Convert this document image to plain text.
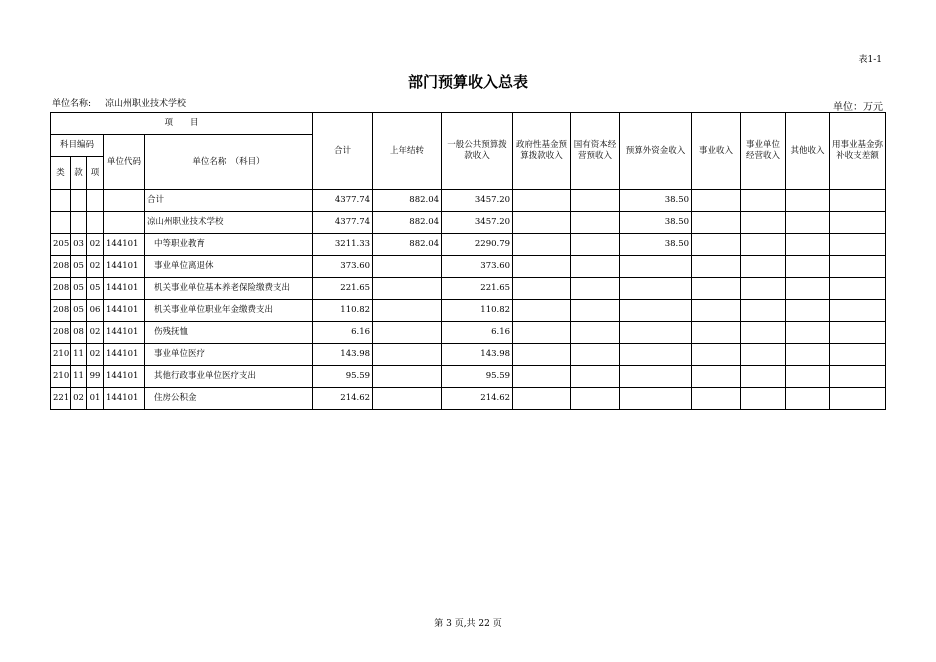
表1-1
部门预算收入总表
单位名称: 凉山州职业技术学校	单位：万元
项　　目					合计	上年结转	一般公共预算拨款收入	政府性基金预算拨款收入	国有资本经营预收入	预算外资金收入	事业收入	事业单位经营收入	其他收入	用事业基金弥补收支差额
科目编码			单位代码	单位名称　（科目）										
类	款	项												
				合计	4377.74	882.04	3457.20			38.50				
				凉山州职业技术学校	4377.74	882.04	3457.20			38.50				
205	03	02	144101	中等职业教育	3211.33	882.04	2290.79			38.50				
208	05	02	144101	事业单位离退休	373.60		373.60							
208	05	05	144101	机关事业单位基本养老保险缴费支出	221.65		221.65							
208	05	06	144101	机关事业单位职业年金缴费支出	110.82		110.82							
208	08	02	144101	伤残抚恤	6.16		6.16							
210	11	02	144101	事业单位医疗	143.98		143.98							
210	11	99	144101	其他行政事业单位医疗支出	95.59		95.59							
221	02	01	144101	住房公积金	214.62		214.62							
第 3 页,共 22 页
